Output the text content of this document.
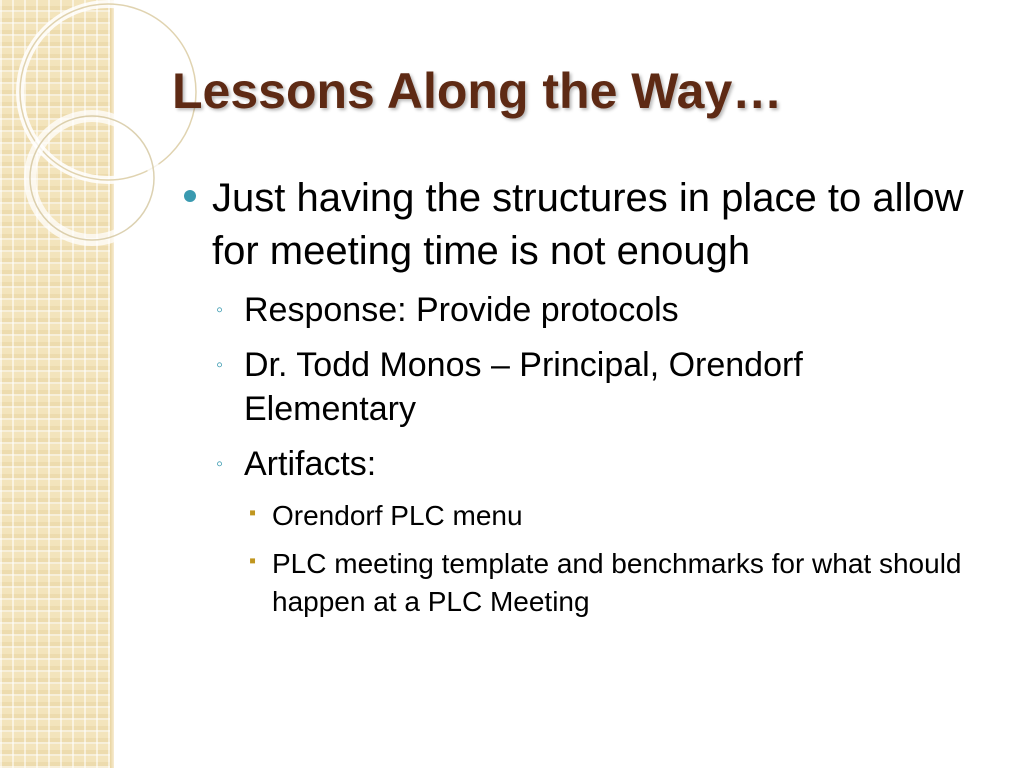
Lessons Along the Way…
Just having the structures in place to allow for meeting time is not enough
◦ Response: Provide protocols
◦ Dr. Todd Monos – Principal, Orendorf Elementary
◦ Artifacts:
▪ Orendorf PLC menu
▪ PLC meeting template and benchmarks for what should happen at a PLC Meeting
